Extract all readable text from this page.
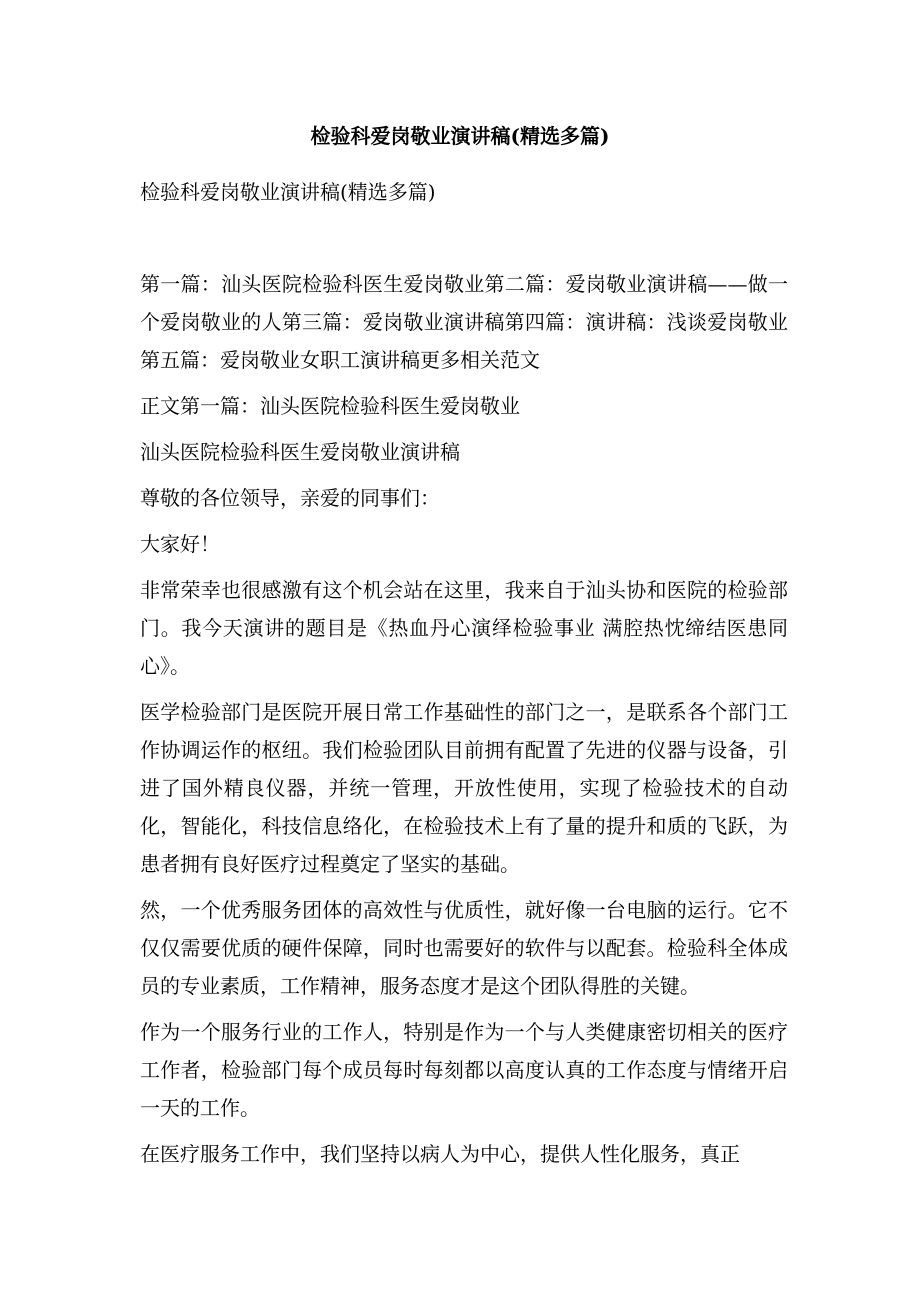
检验科爱岗敬业演讲稿(精选多篇)

检验科爱岗敬业演讲稿(精选多篇)

第一篇：汕头医院检验科医生爱岗敬业第二篇：爱岗敬业演讲稿——做一个爱岗敬业的人第三篇：爱岗敬业演讲稿第四篇：演讲稿：浅谈爱岗敬业第五篇：爱岗敬业女职工演讲稿更多相关范文

正文第一篇：汕头医院检验科医生爱岗敬业

汕头医院检验科医生爱岗敬业演讲稿

尊敬的各位领导，亲爱的同事们：

大家好！

非常荣幸也很感激有这个机会站在这里，我来自于汕头协和医院的检验部门。我今天演讲的题目是《热血丹心演绎检验事业 满腔热忱缔结医患同心》。

医学检验部门是医院开展日常工作基础性的部门之一，是联系各个部门工作协调运作的枢纽。我们检验团队目前拥有配置了先进的仪器与设备，引进了国外精良仪器，并统一管理，开放性使用，实现了检验技术的自动化，智能化，科技信息络化，在检验技术上有了量的提升和质的飞跃，为患者拥有良好医疗过程奠定了坚实的基础。

然，一个优秀服务团体的高效性与优质性，就好像一台电脑的运行。它不仅仅需要优质的硬件保障，同时也需要好的软件与以配套。检验科全体成员的专业素质，工作精神，服务态度才是这个团队得胜的关键。

作为一个服务行业的工作人，特别是作为一个与人类健康密切相关的医疗工作者，检验部门每个成员每时每刻都以高度认真的工作态度与情绪开启一天的工作。

在医疗服务工作中，我们坚持以病人为中心，提供人性化服务，真正
